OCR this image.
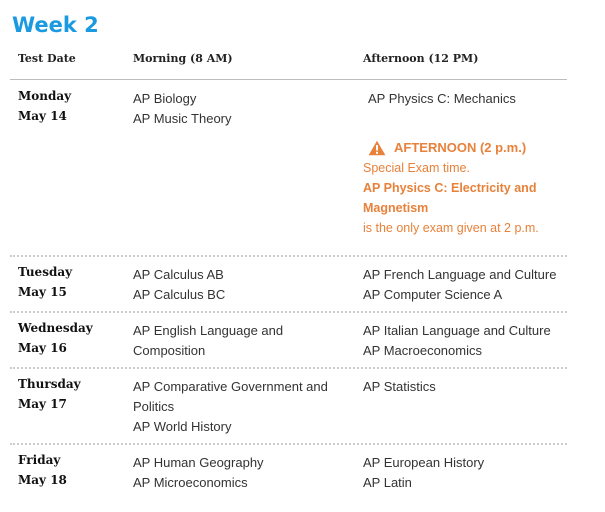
Week 2
Test Date	Morning (8 AM)	Afternoon (12 PM)
Monday
May 14
AP Biology
AP Music Theory
AP Physics C: Mechanics
AFTERNOON (2 p.m.)
Special Exam time.
AP Physics C: Electricity and
Magnetism
is the only exam given at 2 p.m.
Tuesday
May 15
AP Calculus AB
AP Calculus BC
AP French Language and Culture
AP Computer Science A
Wednesday
May 16
AP English Language and
Composition
AP Italian Language and Culture
AP Macroeconomics
Thursday
May 17
AP Comparative Government and
Politics
AP World History
AP Statistics
Friday
May 18
AP Human Geography
AP Microeconomics
AP European History
AP Latin
